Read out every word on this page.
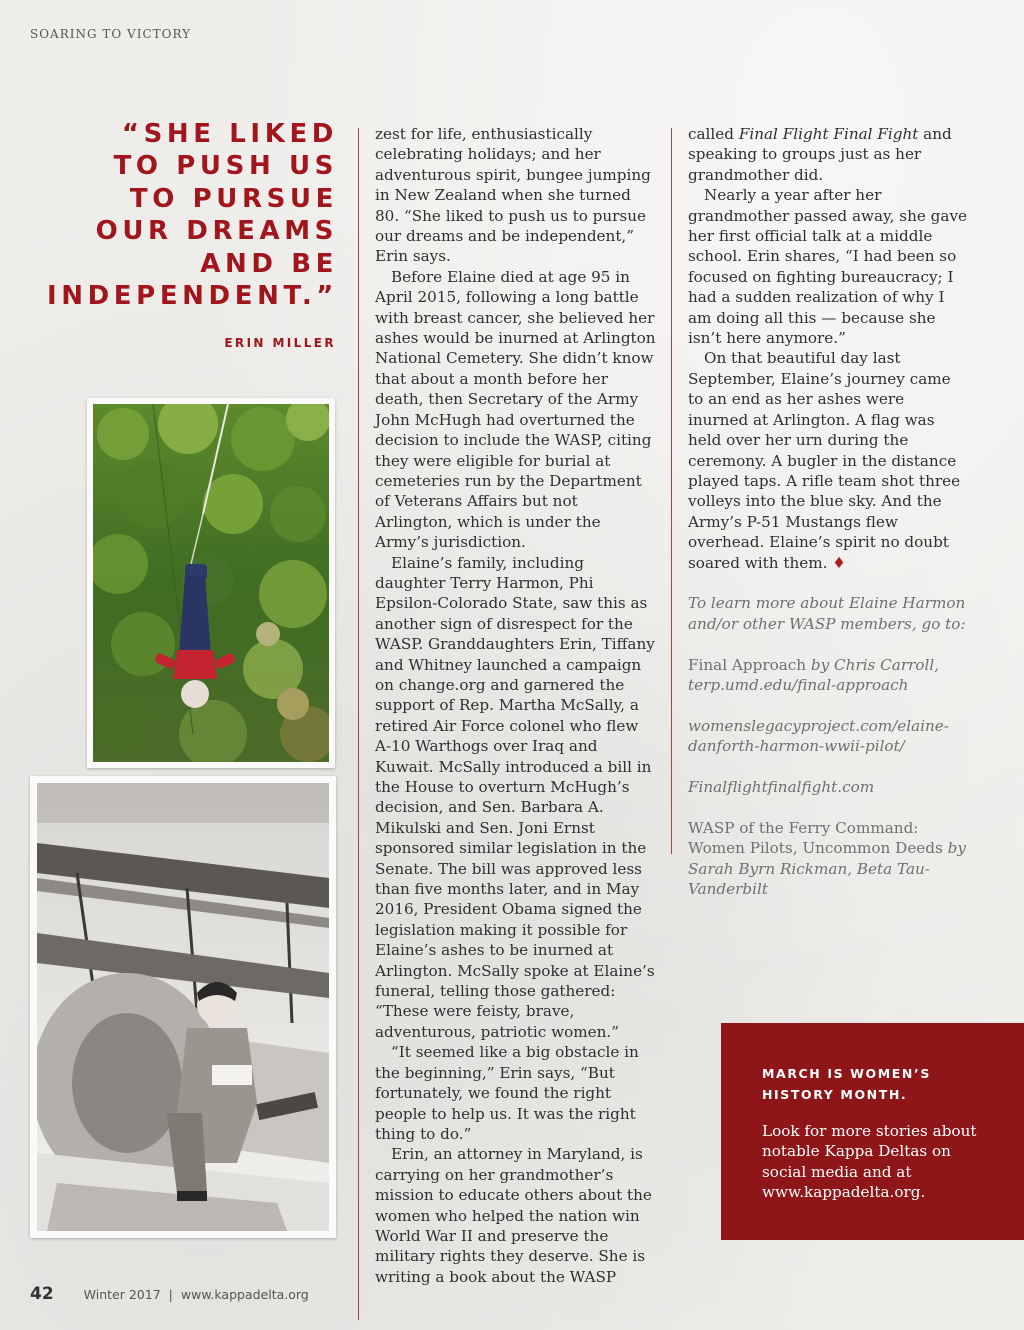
SOARING TO VICTORY
“SHE LIKED
TO PUSH US
TO PURSUE
OUR DREAMS
AND BE
INDEPENDENT.”
ERIN MILLER

zest for life, enthusiastically celebrating holidays; and her adventurous spirit, bungee jumping in New Zealand when she turned 80. “She liked to push us to pursue our dreams and be independent,” Erin says.

Before Elaine died at age 95 in April 2015, following a long battle with breast cancer, she believed her ashes would be inurned at Arlington National Cemetery. She didn’t know that about a month before her death, then Secretary of the Army John McHugh had overturned the decision to include the WASP, citing they were eligible for burial at cemeteries run by the Department of Veterans Affairs but not Arlington, which is under the Army’s jurisdiction.

Elaine’s family, including daughter Terry Harmon, Phi Epsilon-Colorado State, saw this as another sign of disrespect for the WASP. Granddaughters Erin, Tiffany and Whitney launched a campaign on change.org and garnered the support of Rep. Martha McSally, a retired Air Force colonel who flew A-10 Warthogs over Iraq and Kuwait. McSally introduced a bill in the House to overturn McHugh’s decision, and Sen. Barbara A. Mikulski and Sen. Joni Ernst sponsored similar legislation in the Senate. The bill was approved less than five months later, and in May 2016, President Obama signed the legislation making it possible for Elaine’s ashes to be inurned at Arlington. McSally spoke at Elaine’s funeral, telling those gathered: “These were feisty, brave, adventurous, patriotic women.”

“It seemed like a big obstacle in the beginning,” Erin says, “But fortunately, we found the right people to help us. It was the right thing to do.”

Erin, an attorney in Maryland, is carrying on her grandmother’s mission to educate others about the women who helped the nation win World War II and preserve the military rights they deserve. She is writing a book about the WASP

called Final Flight Final Fight and speaking to groups just as her grandmother did.

Nearly a year after her grandmother passed away, she gave her first official talk at a middle school. Erin shares, “I had been so focused on fighting bureaucracy; I had a sudden realization of why I am doing all this — because she isn’t here anymore.”

On that beautiful day last September, Elaine’s journey came to an end as her ashes were inurned at Arlington. A flag was held over her urn during the ceremony. A bugler in the distance played taps. A rifle team shot three volleys into the blue sky. And the Army’s P-51 Mustangs flew overhead. Elaine’s spirit no doubt soared with them. ♦

To learn more about Elaine Harmon and/or other WASP members, go to:

Final Approach by Chris Carroll, terp.umd.edu/final-approach

womenslegacyproject.com/elaine-danforth-harmon-wwii-pilot/

Finalflightfinalfight.com

WASP of the Ferry Command: Women Pilots, Uncommon Deeds by Sarah Byrn Rickman, Beta Tau-Vanderbilt

MARCH IS WOMEN’S HISTORY MONTH.

Look for more stories about notable Kappa Deltas on social media and at www.kappadelta.org.

42 Winter 2017 | www.kappadelta.org
